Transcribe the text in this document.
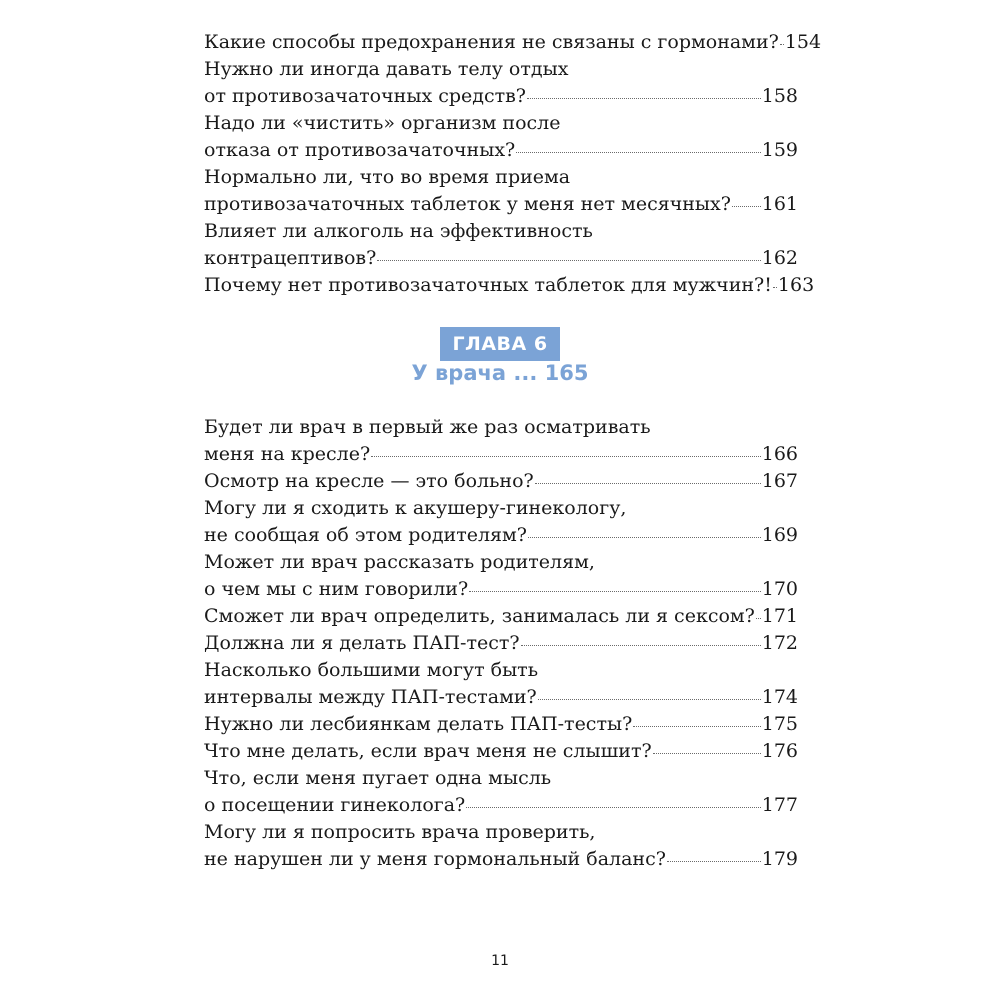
Какие способы предохранения не связаны с гормонами? 154
Нужно ли иногда давать телу отдых
от противозачаточных средств?	158
Надо ли «чистить» организм после
отказа от противозачаточных?	159
Нормально ли, что во время приема
противозачаточных таблеток у меня нет месячных? 161
Влияет ли алкоголь на эффективность
контрацептивов?	162
Почему нет противозачаточных таблеток для мужчин?! 163
ГЛАВА 6
У врача ... 165
Будет ли врач в первый же раз осматривать
меня на кресле?	166
Осмотр на кресле — это больно?	167
Могу ли я сходить к акушеру-гинекологу,
не сообщая об этом родителям?	169
Может ли врач рассказать родителям,
о чем мы с ним говорили?	170
Сможет ли врач определить, занималась ли я сексом? 171
Должна ли я делать ПАП-тест?	172
Насколько большими могут быть
интервалы между ПАП-тестами?	174
Нужно ли лесбиянкам делать ПАП-тесты?	175
Что мне делать, если врач меня не слышит?	176
Что, если меня пугает одна мысль
о посещении гинеколога?	177
Могу ли я попросить врача проверить,
не нарушен ли у меня гормональный баланс?	179
11
